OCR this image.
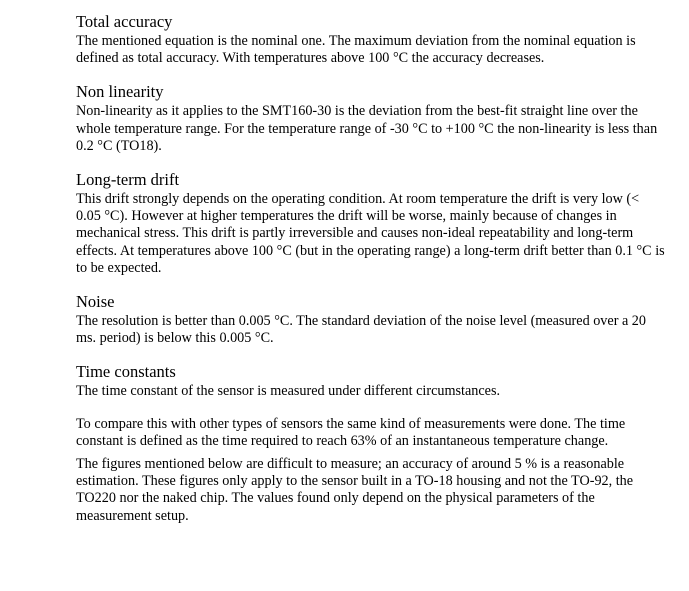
Total accuracy

The mentioned equation is the nominal one. The maximum deviation from the nominal equation is defined as total accuracy. With temperatures above 100 °C the accuracy decreases.

Non linearity

Non-linearity as it applies to the SMT160-30 is the deviation from the best-fit straight line over the whole temperature range. For the temperature range of -30 °C to +100 °C the non-linearity is less than 0.2 °C (TO18).

Long-term drift

This drift strongly depends on the operating condition. At room temperature the drift is very low (< 0.05 °C). However at higher temperatures the drift will be worse, mainly because of changes in mechanical stress. This drift is partly irreversible and causes non-ideal repeatability and long-term effects. At temperatures above 100 °C (but in the operating range) a long-term drift better than 0.1 °C is to be expected.

Noise

The resolution is better than 0.005 °C. The standard deviation of the noise level (measured over a 20 ms. period) is below this 0.005 °C.

Time constants

The time constant of the sensor is measured under different circumstances.

To compare this with other types of sensors the same kind of measurements were done. The time constant is defined as the time required to reach 63% of an instantaneous temperature change.

The figures mentioned below are difficult to measure; an accuracy of around 5 % is a reasonable estimation. These figures only apply to the sensor built in a TO-18 housing and not the TO-92, the TO220 nor the naked chip. The values found only depend on the physical parameters of the measurement setup.
